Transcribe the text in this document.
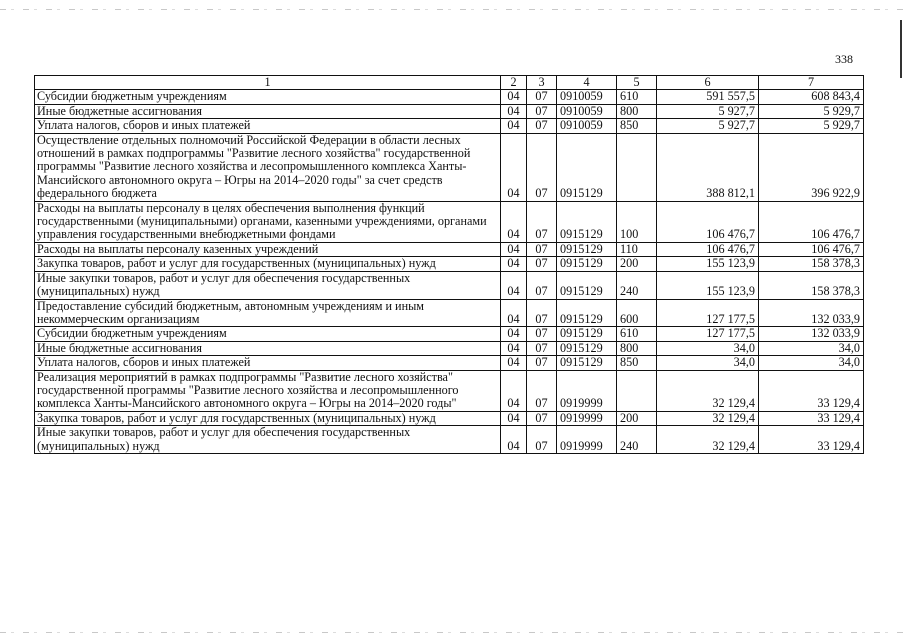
338
1	2	3	4	5	6	7
Субсидии бюджетным учреждениям	04	07	0910059	610	591 557,5	608 843,4
Иные бюджетные ассигнования	04	07	0910059	800	5 927,7	5 929,7
Уплата налогов, сборов и иных платежей	04	07	0910059	850	5 927,7	5 929,7
Осуществление отдельных полномочий Российской Федерации в области лесных отношений в рамках подпрограммы "Развитие лесного хозяйства" государственной программы "Развитие лесного хозяйства и лесопромышленного комплекса Ханты-Мансийского автономного округа – Югры на 2014–2020 годы" за счет средств федерального бюджета	04	07	0915129		388 812,1	396 922,9
Расходы на выплаты персоналу в целях обеспечения выполнения функций государственными (муниципальными) органами, казенными учреждениями, органами управления государственными внебюджетными фондами	04	07	0915129	100	106 476,7	106 476,7
Расходы на выплаты персоналу казенных учреждений	04	07	0915129	110	106 476,7	106 476,7
Закупка товаров, работ и услуг для государственных (муниципальных) нужд	04	07	0915129	200	155 123,9	158 378,3
Иные закупки товаров, работ и услуг для обеспечения государственных (муниципальных) нужд	04	07	0915129	240	155 123,9	158 378,3
Предоставление субсидий бюджетным, автономным учреждениям и иным некоммерческим организациям	04	07	0915129	600	127 177,5	132 033,9
Субсидии бюджетным учреждениям	04	07	0915129	610	127 177,5	132 033,9
Иные бюджетные ассигнования	04	07	0915129	800	34,0	34,0
Уплата налогов, сборов и иных платежей	04	07	0915129	850	34,0	34,0
Реализация мероприятий в рамках подпрограммы "Развитие лесного хозяйства" государственной программы "Развитие лесного хозяйства и лесопромышленного комплекса Ханты-Мансийского автономного округа – Югры на 2014–2020 годы"	04	07	0919999		32 129,4	33 129,4
Закупка товаров, работ и услуг для государственных (муниципальных) нужд	04	07	0919999	200	32 129,4	33 129,4
Иные закупки товаров, работ и услуг для обеспечения государственных (муниципальных) нужд	04	07	0919999	240	32 129,4	33 129,4
